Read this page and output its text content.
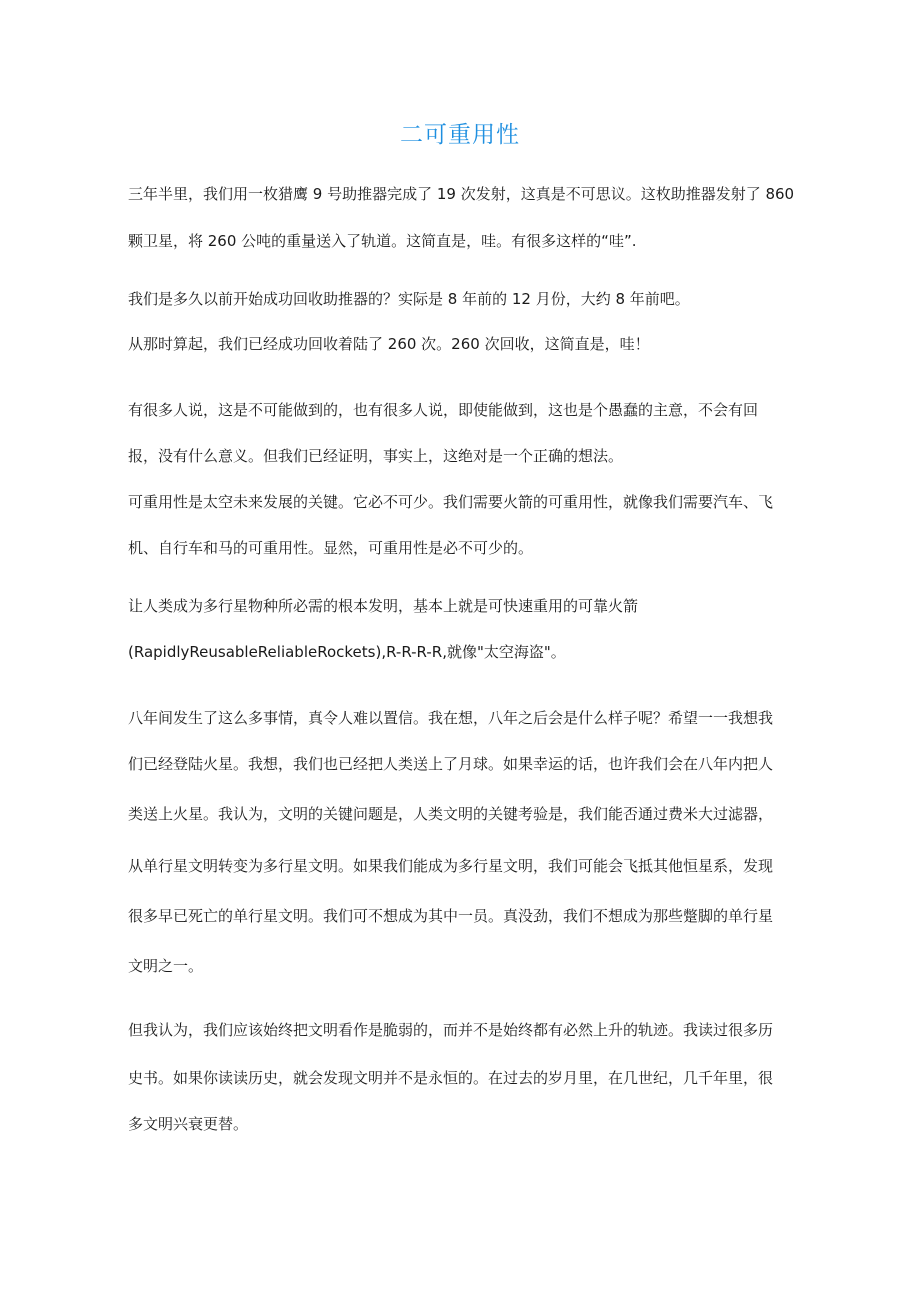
二可重用性

三年半里，我们用一枚猎鹰 9 号助推器完成了 19 次发射，这真是不可思议。这枚助推器发射了 860

颗卫星，将 260 公吨的重量送入了轨道。这简直是，哇。有很多这样的“哇”.

我们是多久以前开始成功回收助推器的？实际是 8 年前的 12 月份，大约 8 年前吧。

从那时算起，我们已经成功回收着陆了 260 次。260 次回收，这简直是，哇！

有很多人说，这是不可能做到的，也有很多人说，即使能做到，这也是个愚蠢的主意，不会有回

报，没有什么意义。但我们已经证明，事实上，这绝对是一个正确的想法。

可重用性是太空未来发展的关键。它必不可少。我们需要火箭的可重用性，就像我们需要汽车、飞

机、自行车和马的可重用性。显然，可重用性是必不可少的。

让人类成为多行星物种所必需的根本发明，基本上就是可快速重用的可靠火箭

(RapidlyReusableReliableRockets),R-R-R-R,就像"太空海盗"。

八年间发生了这么多事情，真令人难以置信。我在想，八年之后会是什么样子呢？希望一一我想我

们已经登陆火星。我想，我们也已经把人类送上了月球。如果幸运的话，也许我们会在八年内把人

类送上火星。我认为，文明的关键问题是，人类文明的关键考验是，我们能否通过费米大过滤器，

从单行星文明转变为多行星文明。如果我们能成为多行星文明，我们可能会飞抵其他恒星系，发现

很多早已死亡的单行星文明。我们可不想成为其中一员。真没劲，我们不想成为那些蹩脚的单行星

文明之一。

但我认为，我们应该始终把文明看作是脆弱的，而并不是始终都有必然上升的轨迹。我读过很多历

史书。如果你读读历史，就会发现文明并不是永恒的。在过去的岁月里，在几世纪，几千年里，很

多文明兴衰更替。
